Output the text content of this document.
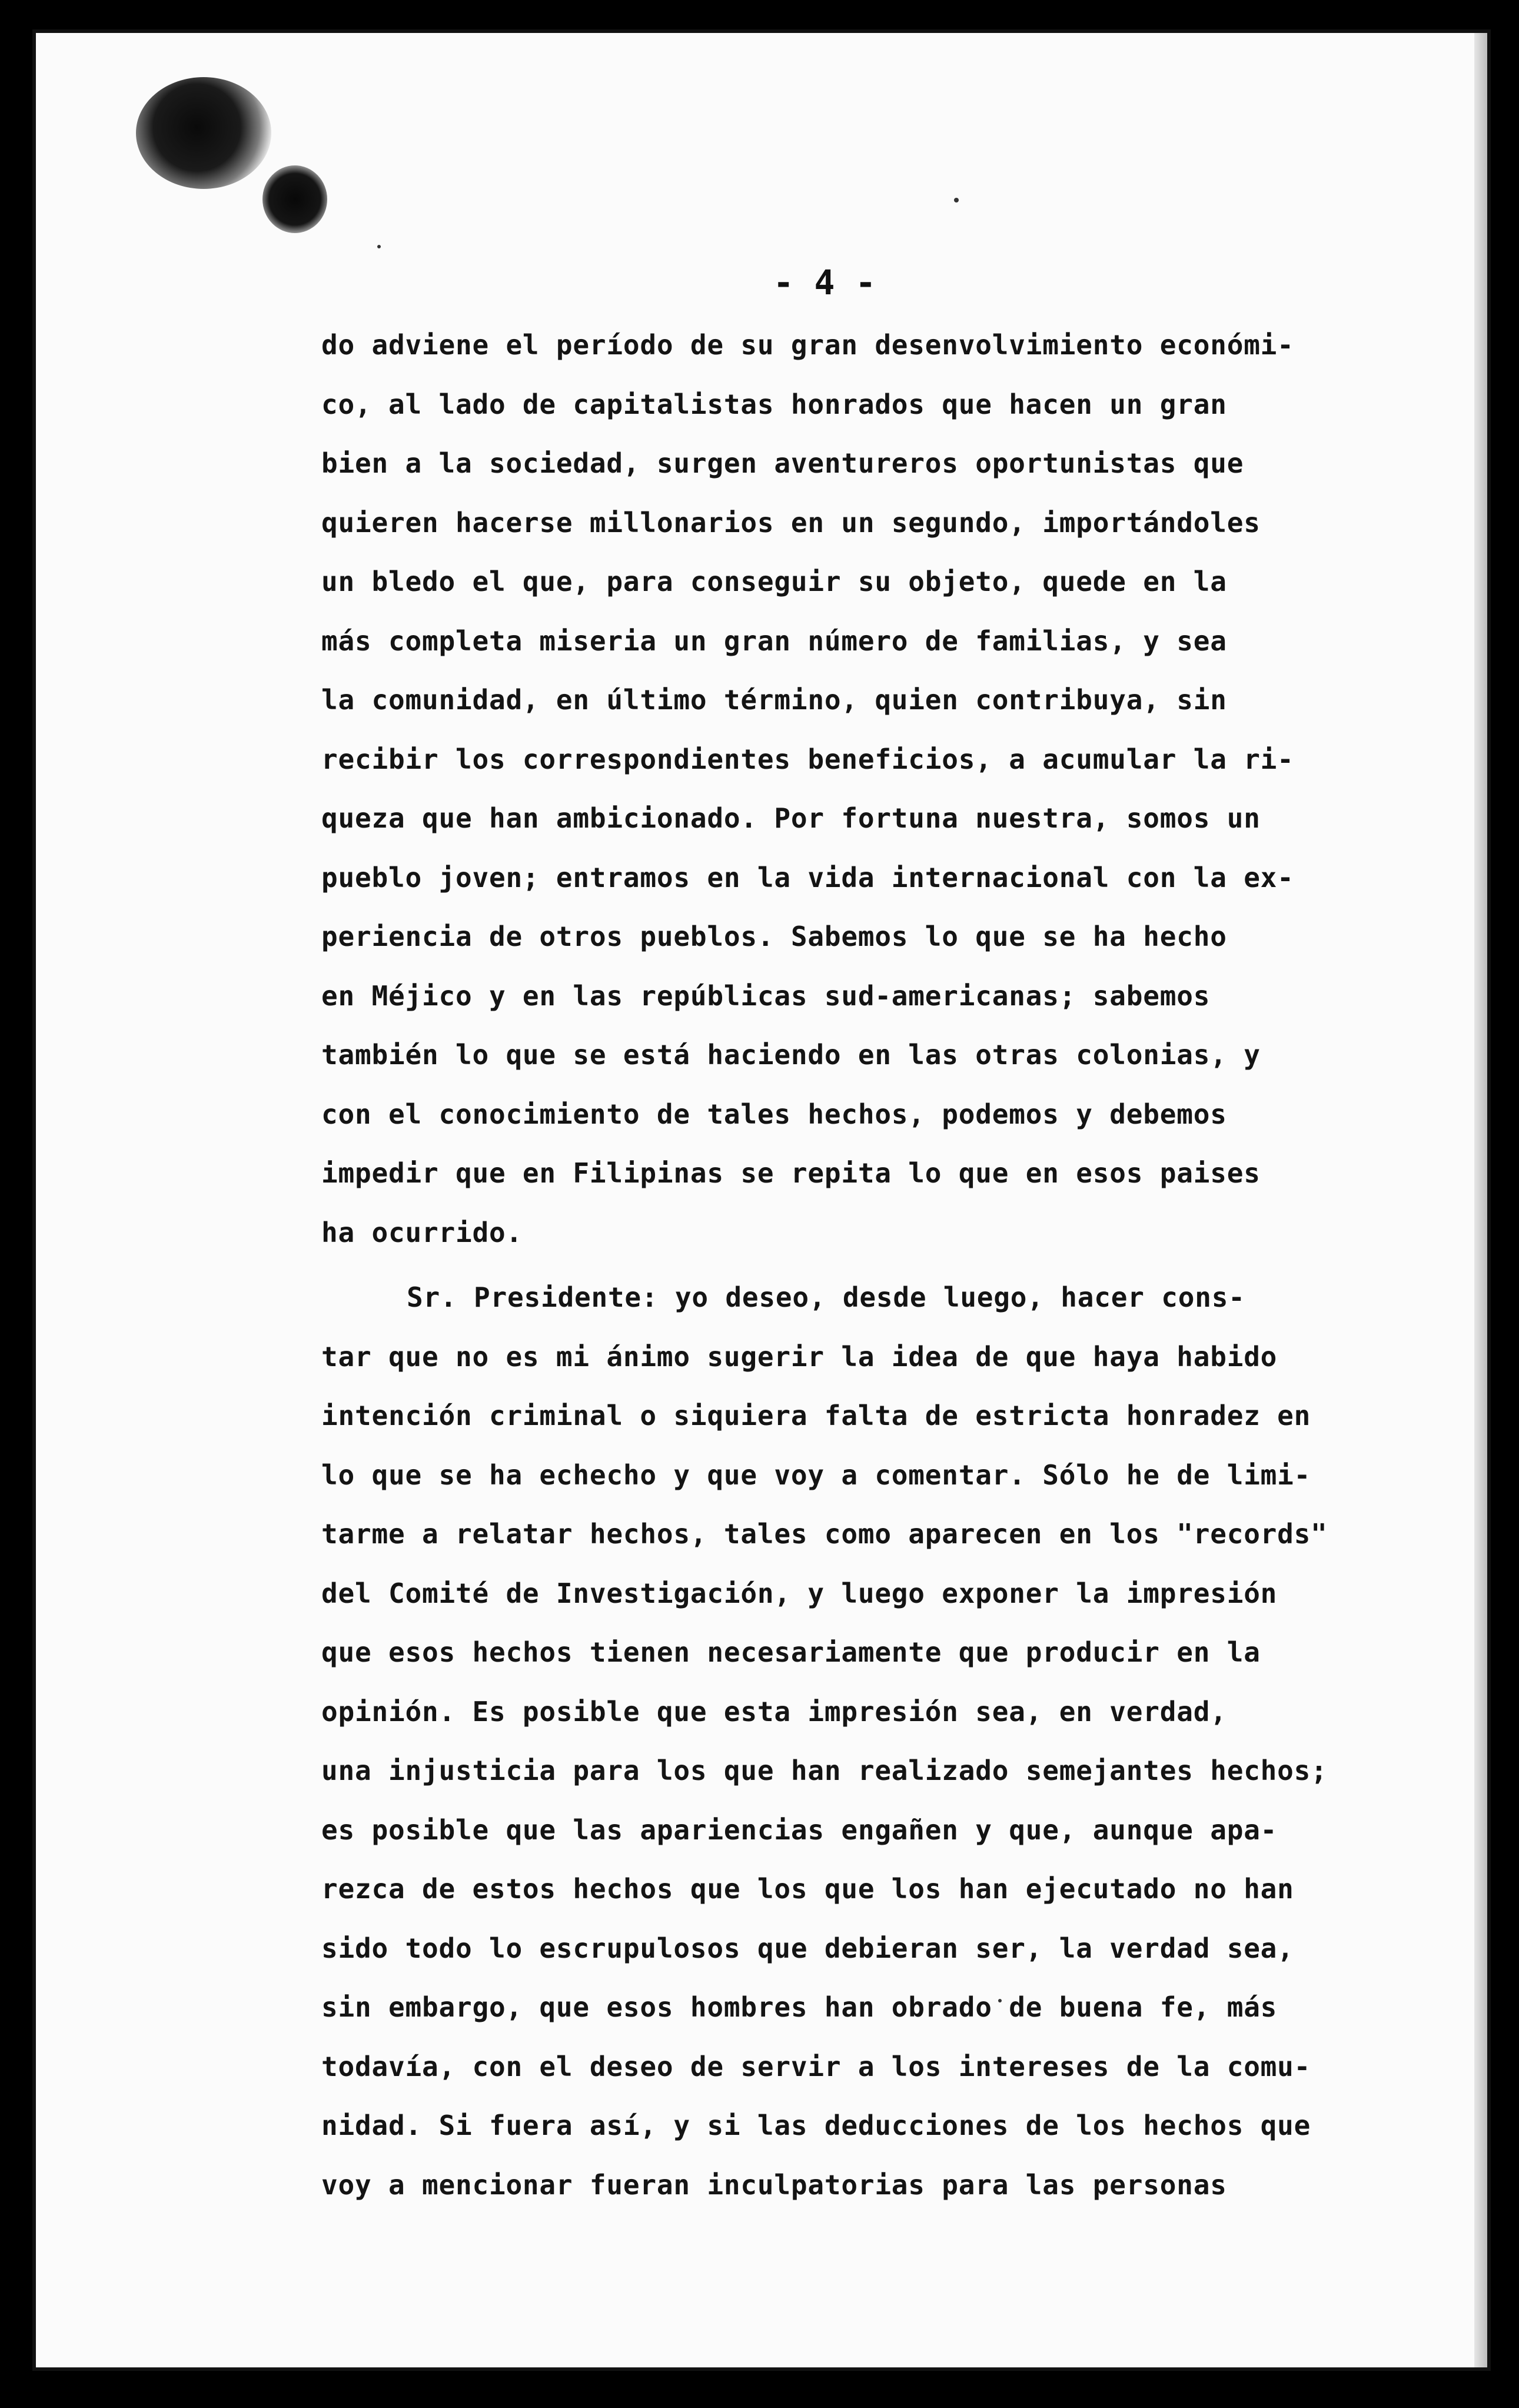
- 4 -
do adviene el período de su gran desenvolvimiento económi-
co, al lado de capitalistas honrados que hacen un gran
bien a la sociedad, surgen aventureros oportunistas que
quieren hacerse millonarios en un segundo, importándoles
un bledo el que, para conseguir su objeto, quede en la
más completa miseria un gran número de familias, y sea
la comunidad, en último término, quien contribuya, sin
recibir los correspondientes beneficios, a acumular la ri-
queza que han ambicionado. Por fortuna nuestra, somos un
pueblo joven; entramos en la vida internacional con la ex-
periencia de otros pueblos. Sabemos lo que se ha hecho
en Méjico y en las repúblicas sud-americanas; sabemos
también lo que se está haciendo en las otras colonias, y
con el conocimiento de tales hechos, podemos y debemos
impedir que en Filipinas se repita lo que en esos paises
ha ocurrido.
Sr. Presidente: yo deseo, desde luego, hacer cons-
tar que no es mi ánimo sugerir la idea de que haya habido
intención criminal o siquiera falta de estricta honradez en
lo que se ha echecho y que voy a comentar. Sólo he de limi-
tarme a relatar hechos, tales como aparecen en los "records"
del Comité de Investigación, y luego exponer la impresión
que esos hechos tienen necesariamente que producir en la
opinión. Es posible que esta impresión sea, en verdad,
una injusticia para los que han realizado semejantes hechos;
es posible que las apariencias engañen y que, aunque apa-
rezca de estos hechos que los que los han ejecutado no han
sido todo lo escrupulosos que debieran ser, la verdad sea,
sin embargo, que esos hombres han obrado de buena fe, más
todavía, con el deseo de servir a los intereses de la comu-
nidad. Si fuera así, y si las deducciones de los hechos que
voy a mencionar fueran inculpatorias para las personas
